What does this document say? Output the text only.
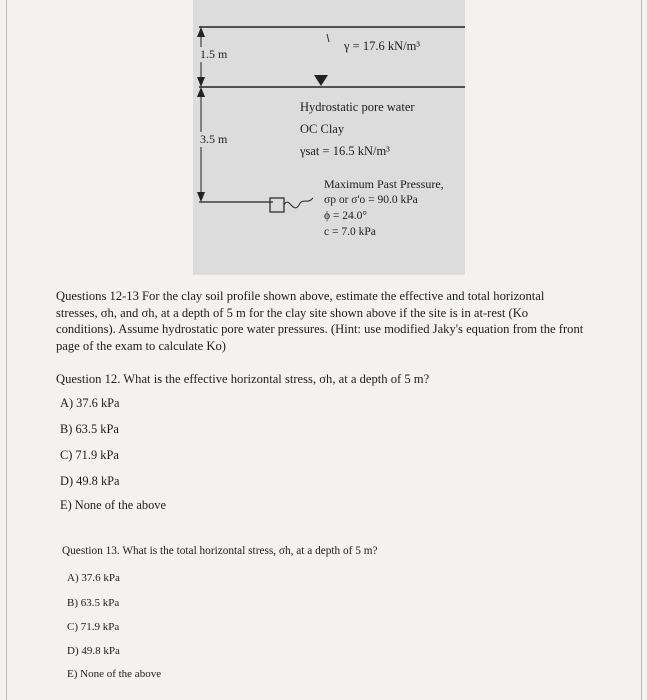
1.5 m
3.5 m
γ = 17.6 kN/m³
Hydrostatic pore water
OC Clay
γsat = 16.5 kN/m³
Maximum Past Pressure,
σp or σ'o = 90.0 kPa
ϕ = 24.0°
c = 7.0 kPa
Questions 12-13 For the clay soil profile shown above, estimate the effective and total horizontal stresses, σh, and σh, at a depth of 5 m for the clay site shown above if the site is in at-rest (Ko conditions). Assume hydrostatic pore water pressures. (Hint: use modified Jaky's equation from the front page of the exam to calculate Ko)
Question 12. What is the effective horizontal stress, σh, at a depth of 5 m?
A) 37.6 kPa
B) 63.5 kPa
C) 71.9 kPa
D) 49.8 kPa
E) None of the above
Question 13. What is the total horizontal stress, σh, at a depth of 5 m?
A) 37.6 kPa
B) 63.5 kPa
C) 71.9 kPa
D) 49.8 kPa
E) None of the above
